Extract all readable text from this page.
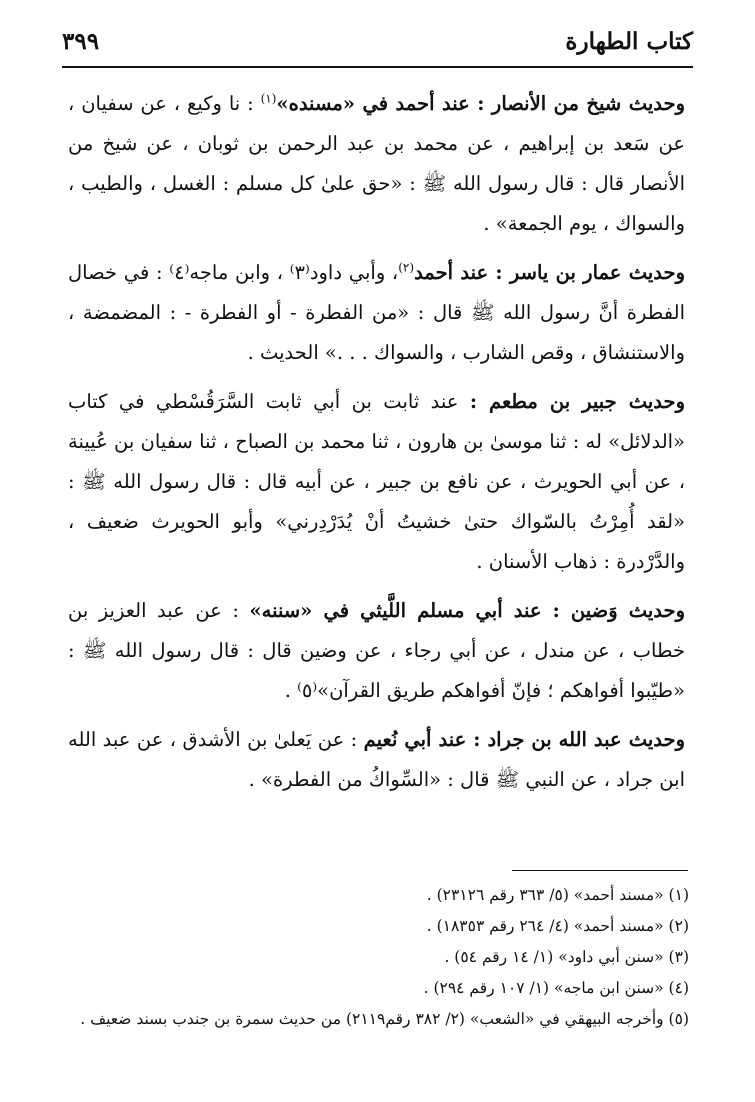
كتاب الطهارة
٣٩٩

وحديث شيخ من الأنصار : عند أحمد في «مسنده»$^{(١)}$ : نا وكيع ، عن سفيان ، عن سَعد بن إبراهيم ، عن محمد بن عبد الرحمن بن ثوبان ، عن شيخ من الأنصار قال : قال رسول الله ﷺ : «حق علىٰ كل مسلم : الغسل ، والطيب ، والسواك ، يوم الجمعة» .

وحديث عمار بن ياسر : عند أحمد$^{(٢)}$، وأبي داود⁽٣⁾ ، وابن ماجه⁽٤⁾ : في خصال الفطرة أنَّ رسول الله ﷺ قال : «من الفطرة - أو الفطرة - : المضمضة ، والاستنشاق ، وقص الشارب ، والسواك . . .» الحديث .

وحديث جبير بن مطعم : عند ثابت بن أبي ثابت السَّرَقُسْطي في كتاب «الدلائل» له : ثنا موسىٰ بن هارون ، ثنا محمد بن الصباح ، ثنا سفيان بن عُيينة ، عن أبي الحويرث ، عن نافع بن جبير ، عن أبيه قال : قال رسول الله ﷺ : «لقد أُمِرْتُ بالسّواك حتىٰ خشيتُ أنْ يُدَرْدِرني» وأبو الحويرث ضعيف ، والدَّرْدرة : ذهاب الأسنان .

وحديث وَضين : عند أبي مسلم اللَّيثي في «سننه» : عن عبد العزيز بن خطاب ، عن مندل ، عن أبي رجاء ، عن وضين قال : قال رسول الله ﷺ : «طيّبوا أفواهكم ؛ فإنّ أفواهكم طريق القرآن»⁽٥⁾ .

وحديث عبد الله بن جراد : عند أبي نُعيم : عن يَعلىٰ بن الأشدق ، عن عبد الله ابن جراد ، عن النبي ﷺ قال : «السِّواكُ من الفطرة» .

(١) «مسند أحمد» (٥/ ٣٦٣ رقم ٢٣١٢٦) .
(٢) «مسند أحمد» (٤/ ٢٦٤ رقم ١٨٣٥٣) .
(٣) «سنن أبي داود» (١/ ١٤ رقم ٥٤) .
(٤) «سنن ابن ماجه» (١/ ١٠٧ رقم ٢٩٤) .
(٥) وأخرجه البيهقي في «الشعب» (٢/ ٣٨٢ رقم٢١١٩) من حديث سمرة بن جندب بسند ضعيف .
